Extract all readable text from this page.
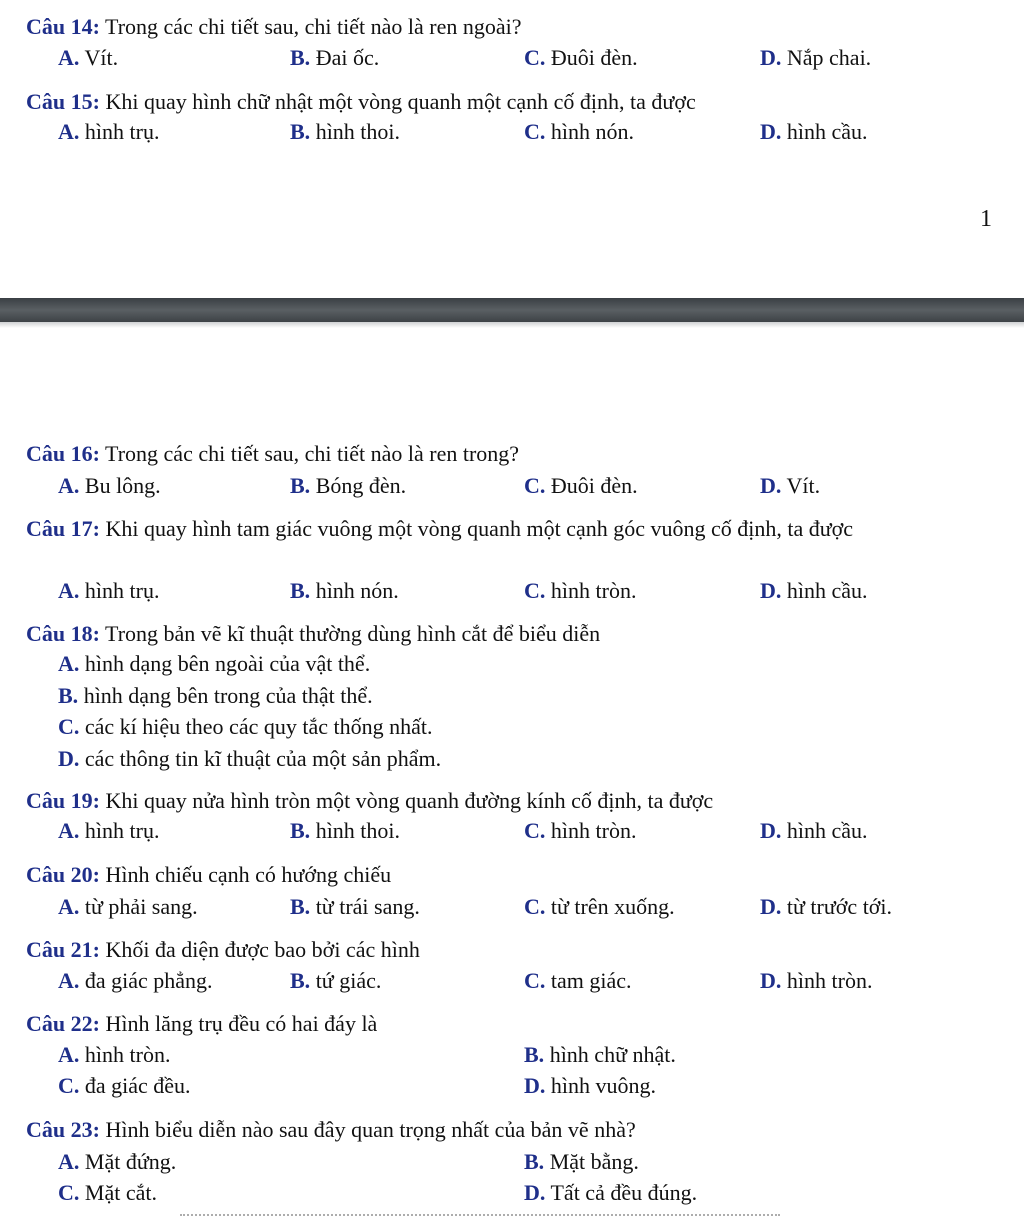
Câu 14: Trong các chi tiết sau, chi tiết nào là ren ngoài?
A. Vít.	B. Đai ốc.	C. Đuôi đèn.	D. Nắp chai.
Câu 15: Khi quay hình chữ nhật một vòng quanh một cạnh cố định, ta được
A. hình trụ.	B. hình thoi.	C. hình nón.	D. hình cầu.
1
Câu 16: Trong các chi tiết sau, chi tiết nào là ren trong?
A. Bu lông.	B. Bóng đèn.	C. Đuôi đèn.	D. Vít.
Câu 17: Khi quay hình tam giác vuông một vòng quanh một cạnh góc vuông cố định, ta được
A. hình trụ.	B. hình nón.	C. hình tròn.	D. hình cầu.
Câu 18: Trong bản vẽ kĩ thuật thường dùng hình cắt để biểu diễn
A. hình dạng bên ngoài của vật thể.
B. hình dạng bên trong của thật thể.
C. các kí hiệu theo các quy tắc thống nhất.
D. các thông tin kĩ thuật của một sản phẩm.
Câu 19: Khi quay nửa hình tròn một vòng quanh đường kính cố định, ta được
A. hình trụ.	B. hình thoi.	C. hình tròn.	D. hình cầu.
Câu 20: Hình chiếu cạnh có hướng chiếu
A. từ phải sang.	B. từ trái sang.	C. từ trên xuống.	D. từ trước tới.
Câu 21: Khối đa diện được bao bởi các hình
A. đa giác phẳng.	B. tứ giác.	C. tam giác.	D. hình tròn.
Câu 22: Hình lăng trụ đều có hai đáy là
A. hình tròn.	B. hình chữ nhật.
C. đa giác đều.	D. hình vuông.
Câu 23: Hình biểu diễn nào sau đây quan trọng nhất của bản vẽ nhà?
A. Mặt đứng.	B. Mặt bằng.
C. Mặt cắt.	D. Tất cả đều đúng.
